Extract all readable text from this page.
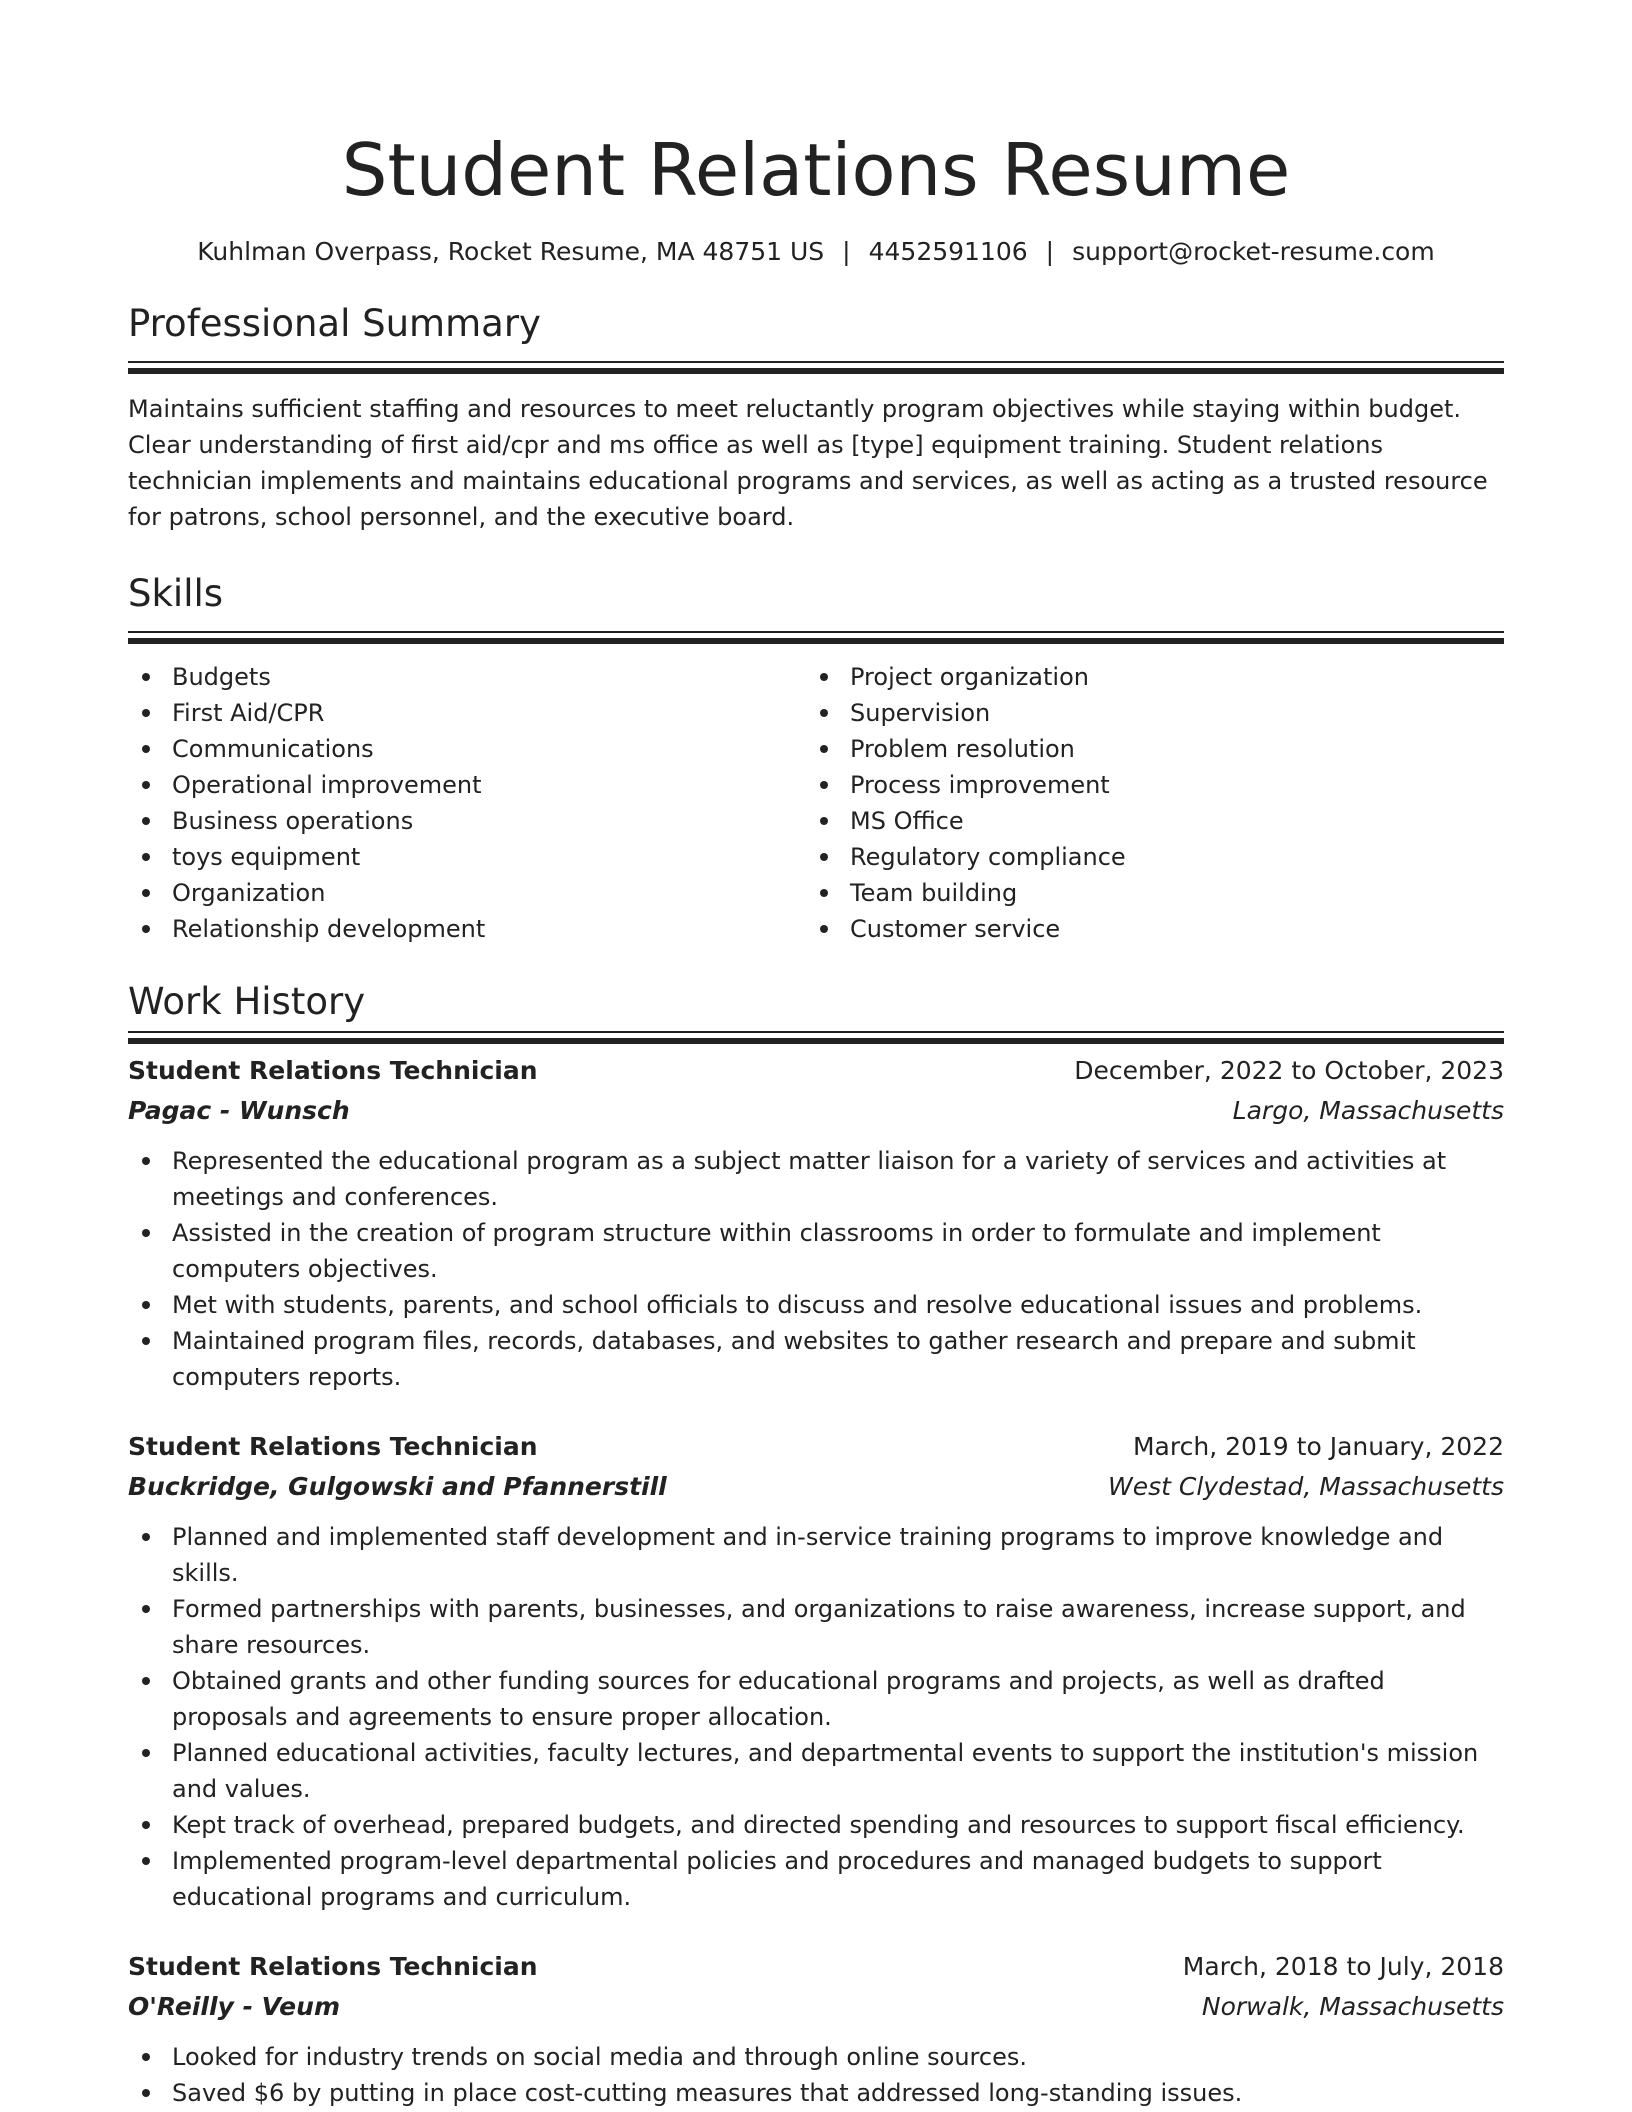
Student Relations Resume
Kuhlman Overpass, Rocket Resume, MA 48751 US | 4452591106 | support@rocket-resume.com
Professional Summary

Maintains sufficient staffing and resources to meet reluctantly program objectives while staying within budget. Clear understanding of first aid/cpr and ms office as well as [type] equipment training. Student relations technician implements and maintains educational programs and services, as well as acting as a trusted resource for patrons, school personnel, and the executive board.

Skills
Budgets
First Aid/CPR
Communications
Operational improvement
Business operations
toys equipment
Organization
Relationship development
Project organization
Supervision
Problem resolution
Process improvement
MS Office
Regulatory compliance
Team building
Customer service
Work History
Student Relations Technician	December, 2022 to October, 2023
Pagac - Wunsch	Largo, Massachusetts
Represented the educational program as a subject matter liaison for a variety of services and activities at meetings and conferences.
Assisted in the creation of program structure within classrooms in order to formulate and implement computers objectives.
Met with students, parents, and school officials to discuss and resolve educational issues and problems.
Maintained program files, records, databases, and websites to gather research and prepare and submit computers reports.
Student Relations Technician	March, 2019 to January, 2022
Buckridge, Gulgowski and Pfannerstill	West Clydestad, Massachusetts
Planned and implemented staff development and in-service training programs to improve knowledge and skills.
Formed partnerships with parents, businesses, and organizations to raise awareness, increase support, and share resources.
Obtained grants and other funding sources for educational programs and projects, as well as drafted proposals and agreements to ensure proper allocation.
Planned educational activities, faculty lectures, and departmental events to support the institution's mission and values.
Kept track of overhead, prepared budgets, and directed spending and resources to support fiscal efficiency.
Implemented program-level departmental policies and procedures and managed budgets to support educational programs and curriculum.
Student Relations Technician	March, 2018 to July, 2018
O'Reilly - Veum	Norwalk, Massachusetts
Looked for industry trends on social media and through online sources.
Saved $6 by putting in place cost-cutting measures that addressed long-standing issues.
